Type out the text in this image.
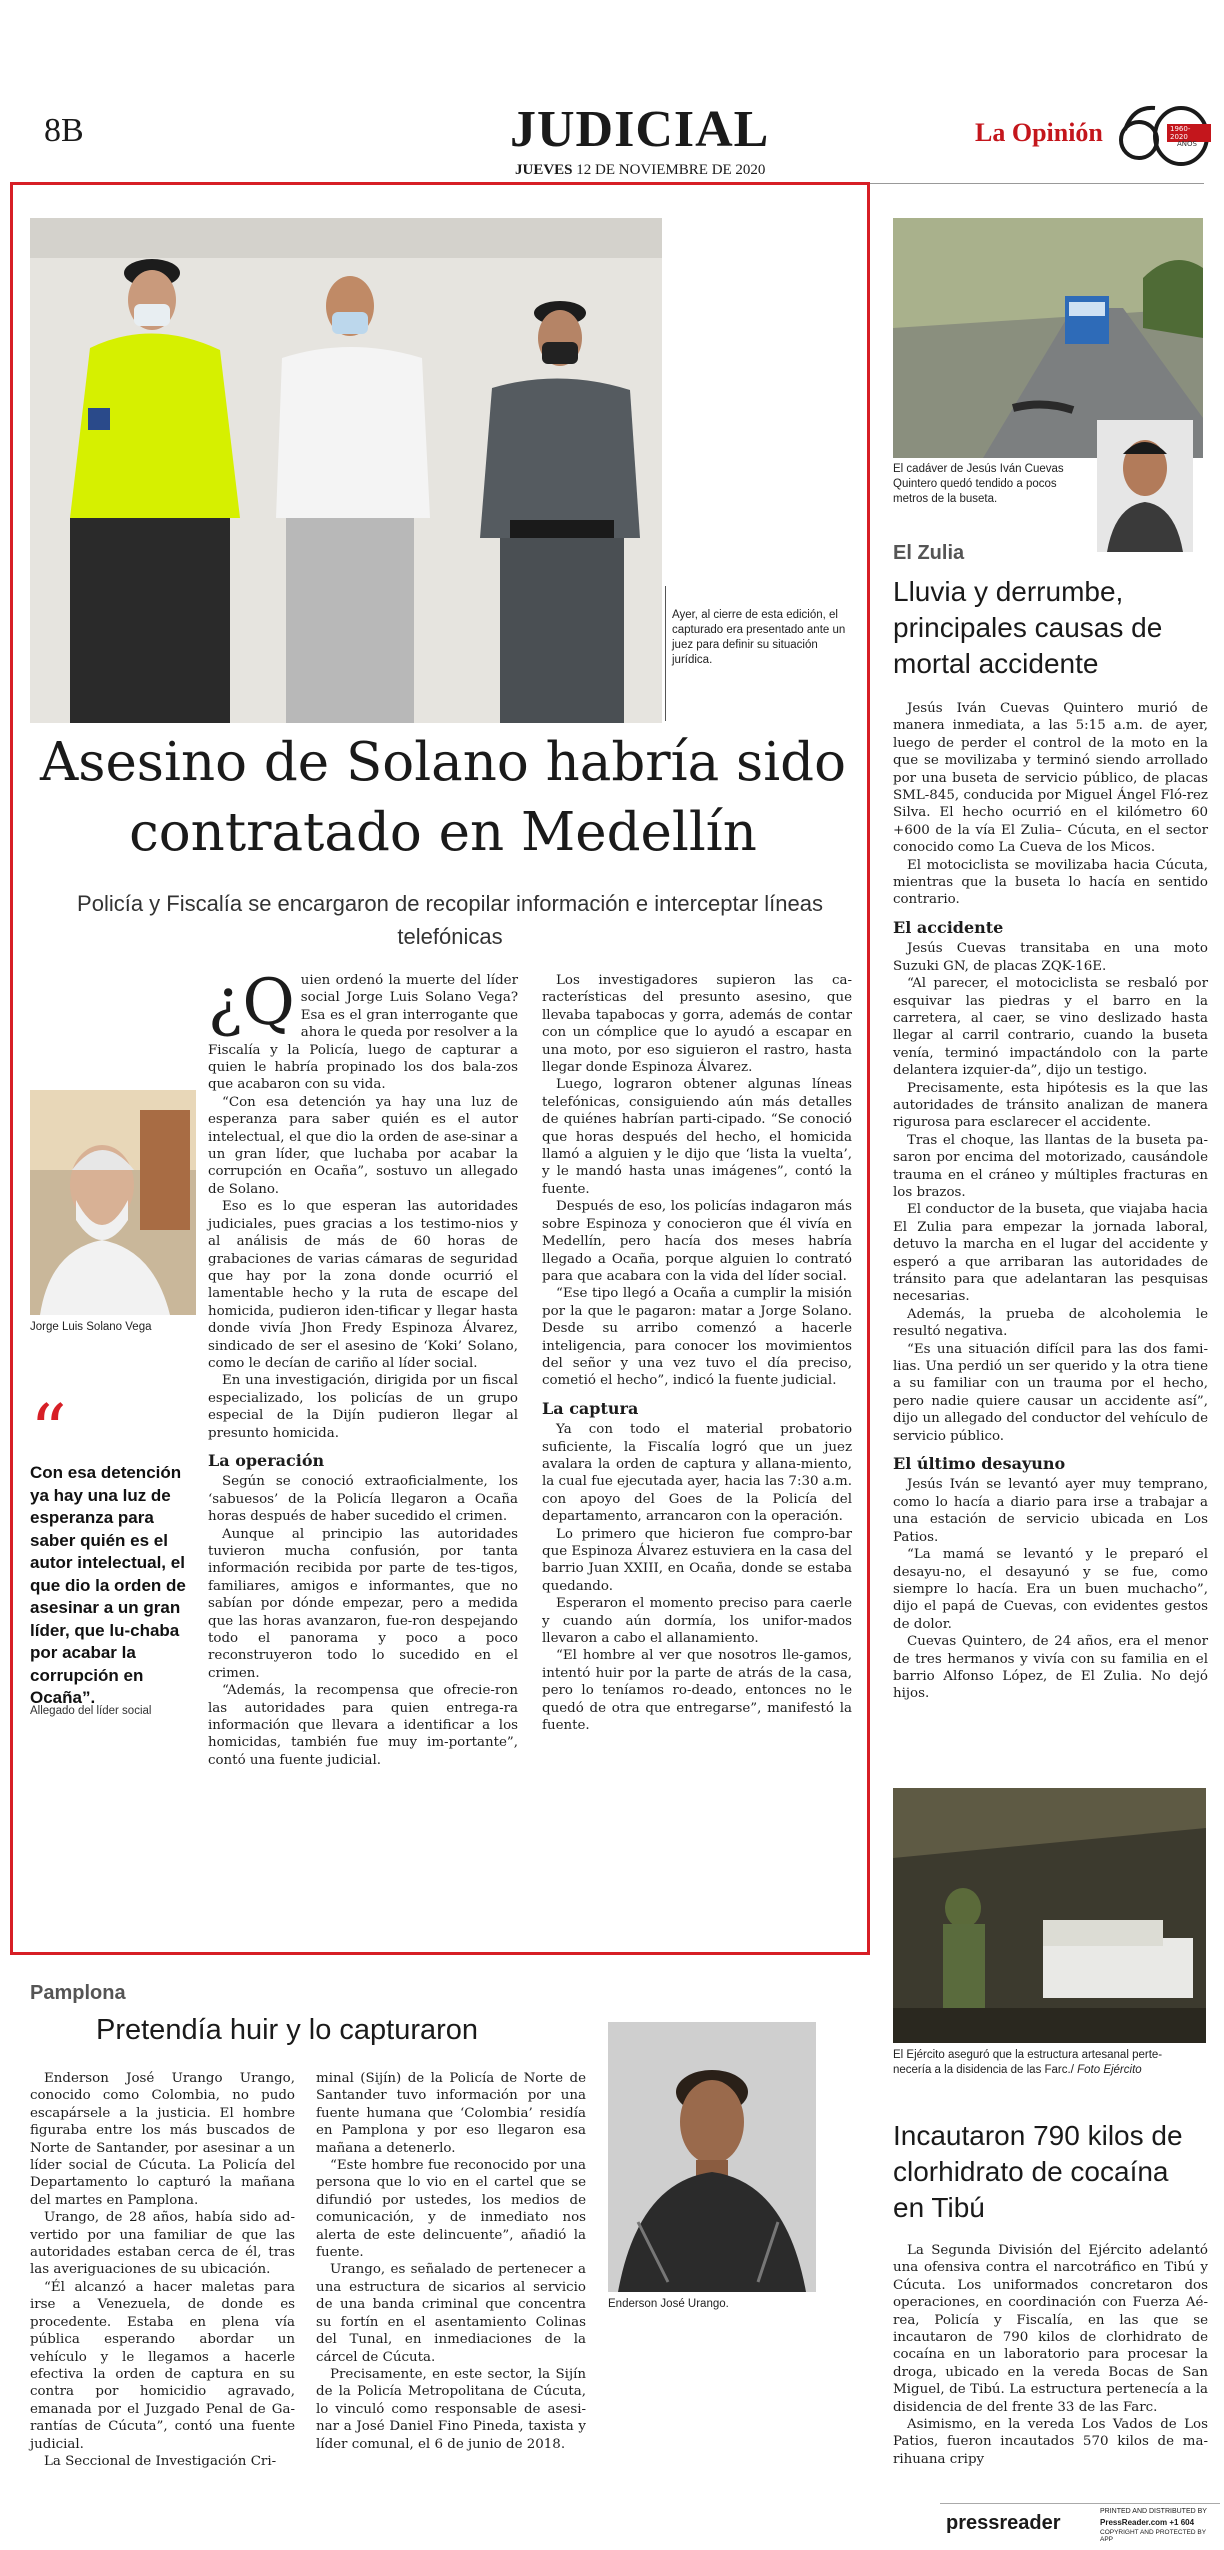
8B	JUDICIAL
JUEVES 12 DE NOVIEMBRE DE 2020
La Opinión	1960-2020
AÑOS
Ayer, al cierre de esta edición, el capturado era presentado ante un juez para definir su situación jurídica.
Asesino de Solano habría sido contratado en Medellín
Policía y Fiscalía se encargaron de recopilar información e interceptar líneas telefónicas
Jorge Luis Solano Vega
“
Con esa detención ya hay una luz de esperanza para saber quién es el autor intelectual, el que dio la orden de asesinar a un gran líder, que lu-chaba por acabar la corrupción en Ocaña”.
Allegado del líder social
¿Q uien ordenó la muerte del líder social Jorge Luis Solano Vega? Esa es el gran interrogante que ahora le queda por resolver a la Fiscalía y la Policía, luego de capturar a quien le habría propinado los dos bala-zos que acabaron con su vida.

“Con esa detención ya hay una luz de esperanza para saber quién es el autor intelectual, el que dio la orden de ase-sinar a un gran líder, que luchaba por acabar la corrupción en Ocaña”, sostuvo un allegado de Solano.

Eso es lo que esperan las autoridades judiciales, pues gracias a los testimo-nios y al análisis de más de 60 horas de grabaciones de varias cámaras de seguridad que hay por la zona donde ocurrió el lamentable hecho y la ruta de escape del homicida, pudieron iden-tificar y llegar hasta donde vivía Jhon Fredy Espinoza Álvarez, sindicado de ser el asesino de ‘Koki’ Solano, como le decían de cariño al líder social.

En una investigación, dirigida por un fiscal especializado, los policías de un grupo especial de la Dijín pudieron llegar al presunto homicida.

La operación

Según se conoció extraoficialmente, los ‘sabuesos’ de la Policía llegaron a Ocaña horas después de haber sucedido el crimen.

Aunque al principio las autoridades tuvieron mucha confusión, por tanta información recibida por parte de tes-tigos, familiares, amigos e informantes, que no sabían por dónde empezar, pero a medida que las horas avanzaron, fue-ron despejando todo el panorama y poco a poco reconstruyeron todo lo sucedido en el crimen.

“Además, la recompensa que ofrecie-ron las autoridades para quien entrega-ra información que llevara a identificar a los homicidas, también fue muy im-portante”, contó una fuente judicial.

Los investigadores supieron las ca-racterísticas del presunto asesino, que llevaba tapabocas y gorra, además de contar con un cómplice que lo ayudó a escapar en una moto, por eso siguieron el rastro, hasta llegar donde Espinoza Álvarez.

Luego, lograron obtener algunas líneas telefónicas, consiguiendo aún más detalles de quiénes habrían parti-cipado. “Se conoció que horas después del hecho, el homicida llamó a alguien y le dijo que ‘lista la vuelta’, y le mandó hasta unas imágenes”, contó la fuente.

Después de eso, los policías indagaron más sobre Espinoza y conocieron que él vivía en Medellín, pero hacía dos meses habría llegado a Ocaña, porque alguien lo contrató para que acabara con la vida del líder social.

“Ese tipo llegó a Ocaña a cumplir la misión por la que le pagaron: matar a Jorge Solano. Desde su arribo comenzó a hacerle inteligencia, para conocer los movimientos del señor y una vez tuvo el día preciso, cometió el hecho”, indicó la fuente judicial.

La captura

Ya con todo el material probatorio suficiente, la Fiscalía logró que un juez avalara la orden de captura y allana-miento, la cual fue ejecutada ayer, hacia las 7:30 a.m. con apoyo del Goes de la Policía del departamento, arrancaron con la operación.

Lo primero que hicieron fue compro-bar que Espinoza Álvarez estuviera en la casa del barrio Juan XXIII, en Ocaña, donde se estaba quedando.

Esperaron el momento preciso para caerle y cuando aún dormía, los unifor-mados llevaron a cabo el allanamiento.

“El hombre al ver que nosotros lle-gamos, intentó huir por la parte de atrás de la casa, pero lo teníamos ro-deado, entonces no le quedó de otra que entregarse”, manifestó la fuente.

Pamplona
Pretendía huir y lo capturaron
Enderson José Urango.

Enderson José Urango Urango, conocido como Colombia, no pudo escapársele a la justicia. El hombre figuraba entre los más buscados de Norte de Santander, por asesinar a un líder social de Cúcuta. La Policía del Departamento lo capturó la mañana del martes en Pamplona.

Urango, de 28 años, había sido ad-vertido por una familiar de que las autoridades estaban cerca de él, tras las averiguaciones de su ubicación.

“Él alcanzó a hacer maletas para irse a Venezuela, de donde es procedente. Estaba en plena vía pública esperando abordar un vehículo y le llegamos a hacerle efectiva la orden de captura en su contra por homicidio agravado, emanada por el Juzgado Penal de Ga-rantías de Cúcuta”, contó una fuente judicial.

La Seccional de Investigación Cri-

minal (Sijín) de la Policía de Norte de Santander tuvo información por una fuente humana que ‘Colombia’ residía en Pamplona y por eso llegaron esa mañana a detenerlo.

“Este hombre fue reconocido por una persona que lo vio en el cartel que se difundió por ustedes, los medios de comunicación, y de inmediato nos alerta de este delincuente”, añadió la fuente.

Urango, es señalado de pertenecer a una estructura de sicarios al servicio de una banda criminal que concentra su fortín en el asentamiento Colinas del Tunal, en inmediaciones de la cárcel de Cúcuta.

Precisamente, en este sector, la Sijín de la Policía Metropolitana de Cúcuta, lo vinculó como responsable de asesi-nar a José Daniel Fino Pineda, taxista y líder comunal, el 6 de junio de 2018.

El cadáver de Jesús Iván Cuevas Quintero quedó tendido a pocos metros de la buseta.
El Zulia
Lluvia y derrumbe, principales causas de mortal accidente

Jesús Iván Cuevas Quintero murió de manera inmediata, a las 5:15 a.m. de ayer, luego de perder el control de la moto en la que se movilizaba y terminó siendo arrollado por una buseta de servicio público, de placas SML-845, conducida por Miguel Ángel Fló-rez Silva. El hecho ocurrió en el kilómetro 60 +600 de la vía El Zulia– Cúcuta, en el sector conocido como La Cueva de los Micos.

El motociclista se movilizaba hacia Cúcuta, mientras que la buseta lo hacía en sentido contrario.

El accidente

Jesús Cuevas transitaba en una moto Suzuki GN, de placas ZQK-16E.

“Al parecer, el motociclista se resbaló por esquivar las piedras y el barro en la carretera, al caer, se vino deslizado hasta llegar al carril contrario, cuando la buseta venía, terminó impactándolo con la parte delantera izquier-da”, dijo un testigo.

Precisamente, esta hipótesis es la que las autoridades de tránsito analizan de manera rigurosa para esclarecer el accidente.

Tras el choque, las llantas de la buseta pa-saron por encima del motorizado, causándole trauma en el cráneo y múltiples fracturas en los brazos.

El conductor de la buseta, que viajaba hacia El Zulia para empezar la jornada laboral, detuvo la marcha en el lugar del accidente y esperó a que arribaran las autoridades de tránsito para que adelantaran las pesquisas necesarias.

Además, la prueba de alcoholemia le resultó negativa.

“Es una situación difícil para las dos fami-lias. Una perdió un ser querido y la otra tiene a su familiar con un trauma por el hecho, pero nadie quiere causar un accidente así”, dijo un allegado del conductor del vehículo de servicio público.

El último desayuno

Jesús Iván se levantó ayer muy temprano, como lo hacía a diario para irse a trabajar a una estación de servicio ubicada en Los Patios.

“La mamá se levantó y le preparó el desayu-no, el desayunó y se fue, como siempre lo hacía. Era un buen muchacho”, dijo el papá de Cuevas, con evidentes gestos de dolor.

Cuevas Quintero, de 24 años, era el menor de tres hermanos y vivía con su familia en el barrio Alfonso López, de El Zulia. No dejó hijos.

El Ejército aseguró que la estructura artesanal perte-necería a la disidencia de las Farc./ Foto Ejército
Incautaron 790 kilos de clorhidrato de cocaína en Tibú

La Segunda División del Ejército adelantó una ofensiva contra el narcotráfico en Tibú y Cúcuta. Los uniformados concretaron dos operaciones, en coordinación con Fuerza Aé-rea, Policía y Fiscalía, en las que se incautaron de 790 kilos de clorhidrato de cocaína en un laboratorio para procesar la droga, ubicado en la vereda Bocas de San Miguel, de Tibú. La estructura pertenecía a la disidencia de del frente 33 de las Farc.

Asimismo, en la vereda Los Vados de Los Patios, fueron incautados 570 kilos de ma-rihuana cripy

pressreader
PRINTED AND DISTRIBUTED BY
PressReader.com +1 604
COPYRIGHT AND PROTECTED BY APP
